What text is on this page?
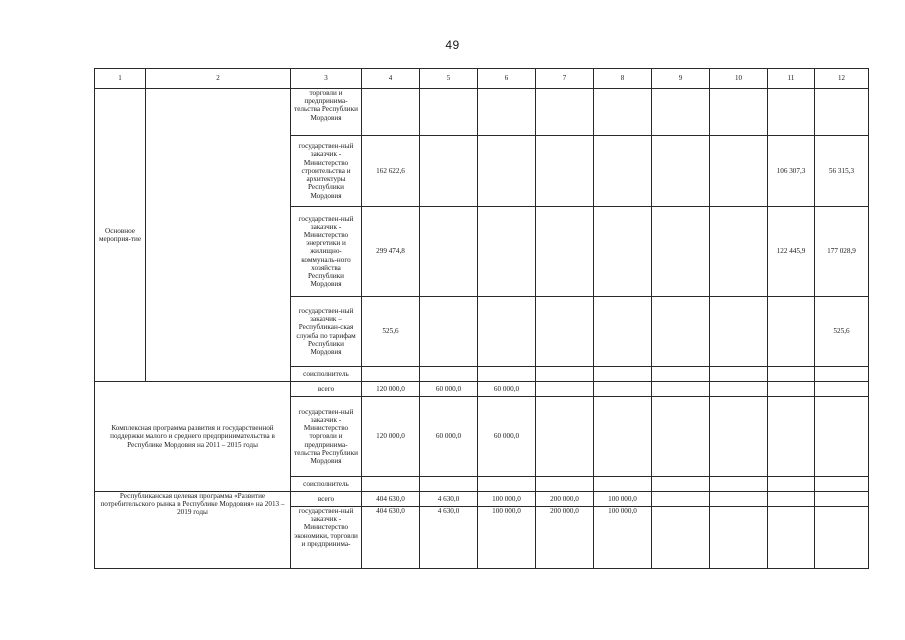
49
1	2	3	4	5	6	7	8	9	10	11	12
Основное мероприя-тие		торговли и предпринима-тельства Республики Мордовия									
		государствен-ный заказчик - Министерство строительства и архитектуры Республики Мордовия	162 622,6							106 307,3	56 315,3
		государствен-ный заказчик - Министерство энергетики и жилищно-коммуналь-ного хозяйства Республики Мордовия	299 474,8							122 445,9	177 028,9
		государствен-ный заказчик – Республикан-ская служба по тарифам Республики Мордовия	525,6								525,6
		соисполнитель									
Комплексная программа развития и государственной поддержки малого и среднего предпринимательства в Республике Мордовия на 2011 – 2015 годы		всего	120 000,0	60 000,0	60 000,0						
		государствен-ный заказчик - Министерство торговли и предпринима-тельства Республики Мордовия	120 000,0	60 000,0	60 000,0						
		соисполнитель									
Республиканская целевая программа «Развитие потребительского рынка в Республике Мордовия» на 2013 – 2019 годы		всего	404 630,0	4 630,0	100 000,0	200 000,0	100 000,0				
		государствен-ный заказчик - Министерство экономики, торговли и предпринима-	404 630,0	4 630,0	100 000,0	200 000,0	100 000,0				
